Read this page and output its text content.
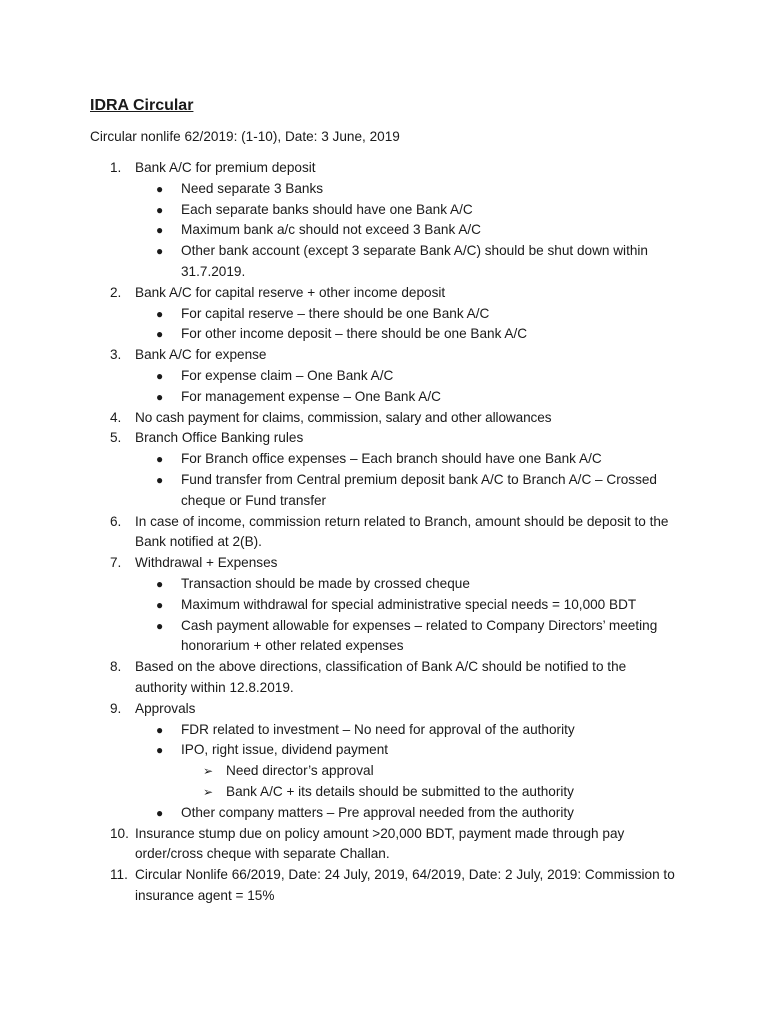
IDRA Circular
Circular nonlife 62/2019: (1-10), Date: 3 June, 2019
1. Bank A/C for premium deposit
● Need separate 3 Banks
● Each separate banks should have one Bank A/C
● Maximum bank a/c should not exceed 3 Bank A/C
● Other bank account (except 3 separate Bank A/C) should be shut down within 31.7.2019.
2. Bank A/C for capital reserve + other income deposit
● For capital reserve – there should be one Bank A/C
● For other income deposit – there should be one Bank A/C
3. Bank A/C for expense
● For expense claim – One Bank A/C
● For management expense – One Bank A/C
4. No cash payment for claims, commission, salary and other allowances
5. Branch Office Banking rules
● For Branch office expenses – Each branch should have one Bank A/C
● Fund transfer from Central premium deposit bank A/C to Branch A/C – Crossed cheque or Fund transfer
6. In case of income, commission return related to Branch, amount should be deposit to the Bank notified at 2(B).
7. Withdrawal + Expenses
● Transaction should be made by crossed cheque
● Maximum withdrawal for special administrative special needs = 10,000 BDT
● Cash payment allowable for expenses – related to Company Directors’ meeting honorarium + other related expenses
8. Based on the above directions, classification of Bank A/C should be notified to the authority within 12.8.2019.
9. Approvals
● FDR related to investment – No need for approval of the authority
● IPO, right issue, dividend payment
➢ Need director’s approval
➢ Bank A/C + its details should be submitted to the authority
● Other company matters – Pre approval needed from the authority
10. Insurance stump due on policy amount >20,000 BDT, payment made through pay order/cross cheque with separate Challan.
11. Circular Nonlife 66/2019, Date: 24 July, 2019, 64/2019, Date: 2 July, 2019: Commission to insurance agent = 15%
